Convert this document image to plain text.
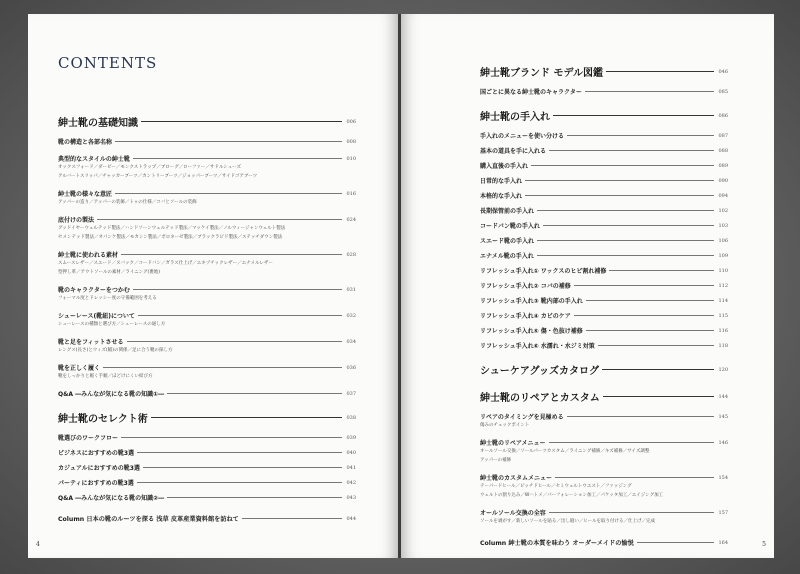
CONTENTS
紳士靴の基礎知識	006
靴の構造と各部名称	008
典型的なスタイルの紳士靴	010
オックスフォード／ダービー／モンクストラップ／ブローグ／ローファー／サドルシューズ
アルバートスリッパ／チャッカーブーツ／カントリーブーツ／ジョッパーブーツ／サイドゴアブーツ
紳士靴の様々な意匠	016
アッパーの造り／アッパーの装飾／トゥの仕様／コバとソールの装飾
底付けの製法	024
グッドイヤーウェルテッド製法／ハンドソーンウェルテッド製法／マッケイ製法／ノルウィージャンウェルト製法
セメンテッド製法／オパンケ製法／モカシン製法／ボロネーゼ製法／ブラックラピド製法／ステッチダウン製法
紳士靴に使われる素材	028
スムースレザー／スエード／ヌバック／コードバン／ガラス仕上げ／エキゾチックレザー／エナメルレザー
型押し革／アウトソールの素材／ライニング(裏地)
靴のキャラクターをつかむ	031
フォーマル度とドレッシー度の守備範囲を考える
シューレース(靴紐)について	032
シューレースの種類と選び方／シューレースの通し方
靴と足をフィットさせる	034
レングス(長さ)とウィズ(幅)の関係／足に合う靴の探し方
靴を正しく履く	036
靴をしっかりと履く手順／ほどけにくい結び方
Q&A ―みんなが気になる靴の知識①―	037
紳士靴のセレクト術	038
靴選びのワークフロー	039
ビジネスにおすすめの靴3選	040
カジュアルにおすすめの靴3選	041
パーティにおすすめの靴3選	042
Q&A ―みんなが気になる靴の知識②―	043
Column 日本の靴のルーツを探る 浅草 皮革産業資料館を訪ねて	044
4
紳士靴ブランド モデル図鑑	046
国ごとに異なる紳士靴のキャラクター	085
紳士靴の手入れ	086
手入れのメニューを使い分ける	087
基本の道具を手に入れる	088
購入直後の手入れ	089
日常的な手入れ	090
本格的な手入れ	094
長期保管前の手入れ	102
コードバン靴の手入れ	103
スエード靴の手入れ	106
エナメル靴の手入れ	109
リフレッシュ手入れ① ワックスのヒビ割れ補修	110
リフレッシュ手入れ② コバの補修	112
リフレッシュ手入れ③ 靴内部の手入れ	114
リフレッシュ手入れ④ カビのケア	115
リフレッシュ手入れ⑤ 傷・色抜け補修	116
リフレッシュ手入れ⑥ 水濡れ・水ジミ対策	118
シューケアグッズカタログ	120
紳士靴のリペアとカスタム	144
リペアのタイミングを見極める	145
傷みのチェックポイント
紳士靴のリペアメニュー	146
オールソール交換／ソールパーツカスタム／ライニング補修／キズ補修／サイズ調整
アッパーの補修
紳士靴のカスタムメニュー	154
テーパードヒール／ピッチドヒール／セミウェルトウエスト／ファッジング
ウェルトの割り込み／Wハトメ／パーフォレーション加工／パケッタ加工／エイジング加工
オールソール交換の全容	157
ソールを剥がす／新しいソールを貼る／出し縫い／ヒールを取り付ける／仕上げ／完成
Column 紳士靴の本質を味わう オーダーメイドの愉悦	164	5
